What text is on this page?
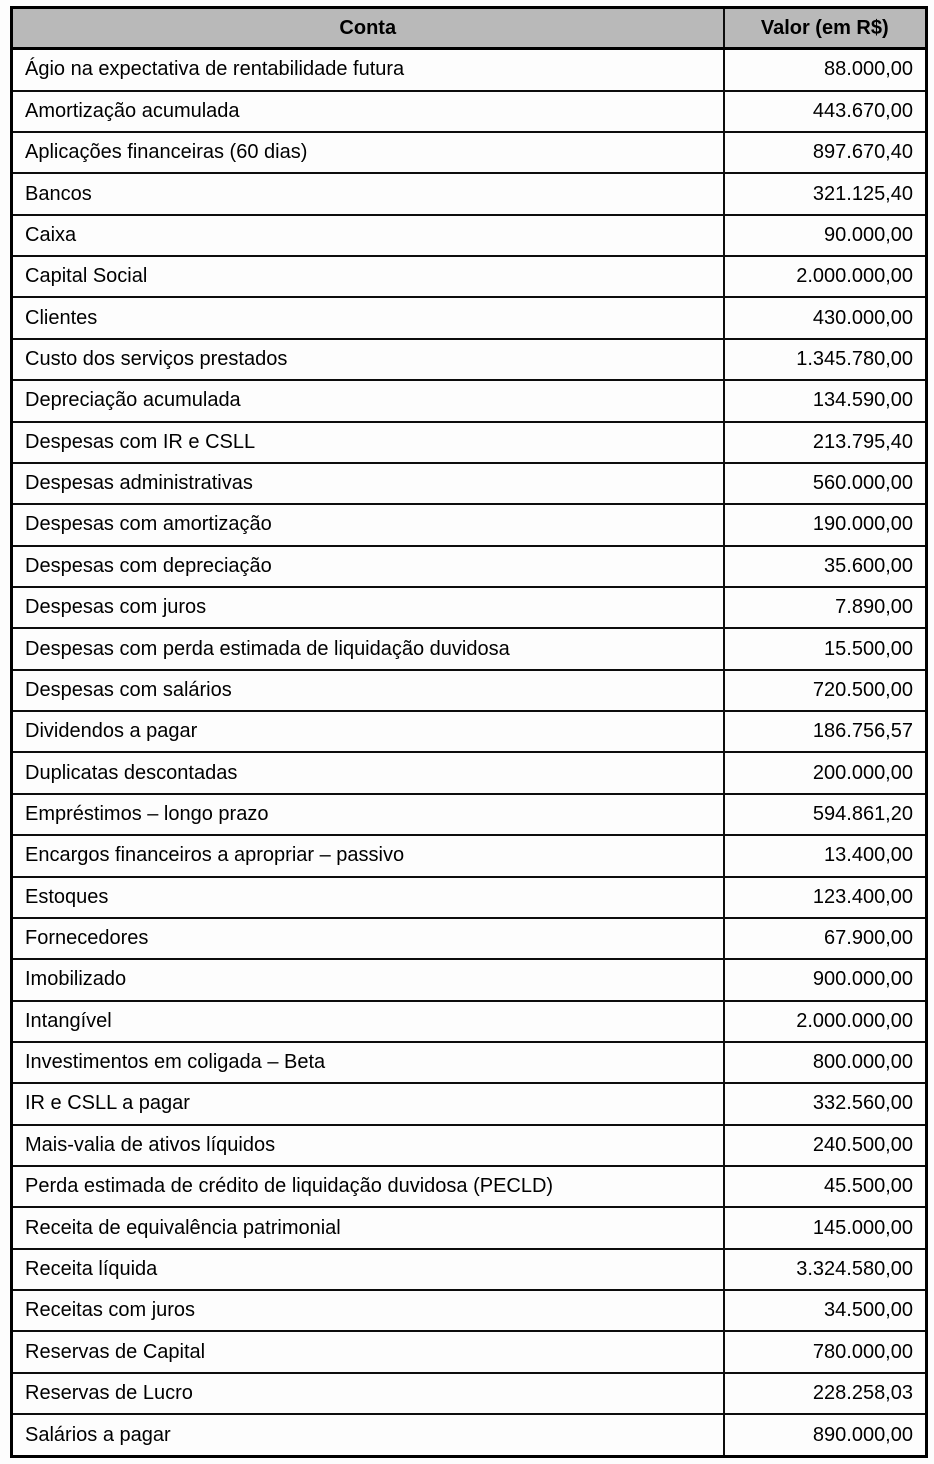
Conta	Valor (em R$)
Ágio na expectativa de rentabilidade futura	88.000,00
Amortização acumulada	443.670,00
Aplicações financeiras (60 dias)	897.670,40
Bancos	321.125,40
Caixa	90.000,00
Capital Social	2.000.000,00
Clientes	430.000,00
Custo dos serviços prestados	1.345.780,00
Depreciação acumulada	134.590,00
Despesas com IR e CSLL	213.795,40
Despesas administrativas	560.000,00
Despesas com amortização	190.000,00
Despesas com depreciação	35.600,00
Despesas com juros	7.890,00
Despesas com perda estimada de liquidação duvidosa	15.500,00
Despesas com salários	720.500,00
Dividendos a pagar	186.756,57
Duplicatas descontadas	200.000,00
Empréstimos – longo prazo	594.861,20
Encargos financeiros a apropriar – passivo	13.400,00
Estoques	123.400,00
Fornecedores	67.900,00
Imobilizado	900.000,00
Intangível	2.000.000,00
Investimentos em coligada – Beta	800.000,00
IR e CSLL a pagar	332.560,00
Mais-valia de ativos líquidos	240.500,00
Perda estimada de crédito de liquidação duvidosa (PECLD)	45.500,00
Receita de equivalência patrimonial	145.000,00
Receita líquida	3.324.580,00
Receitas com juros	34.500,00
Reservas de Capital	780.000,00
Reservas de Lucro	228.258,03
Salários a pagar	890.000,00
